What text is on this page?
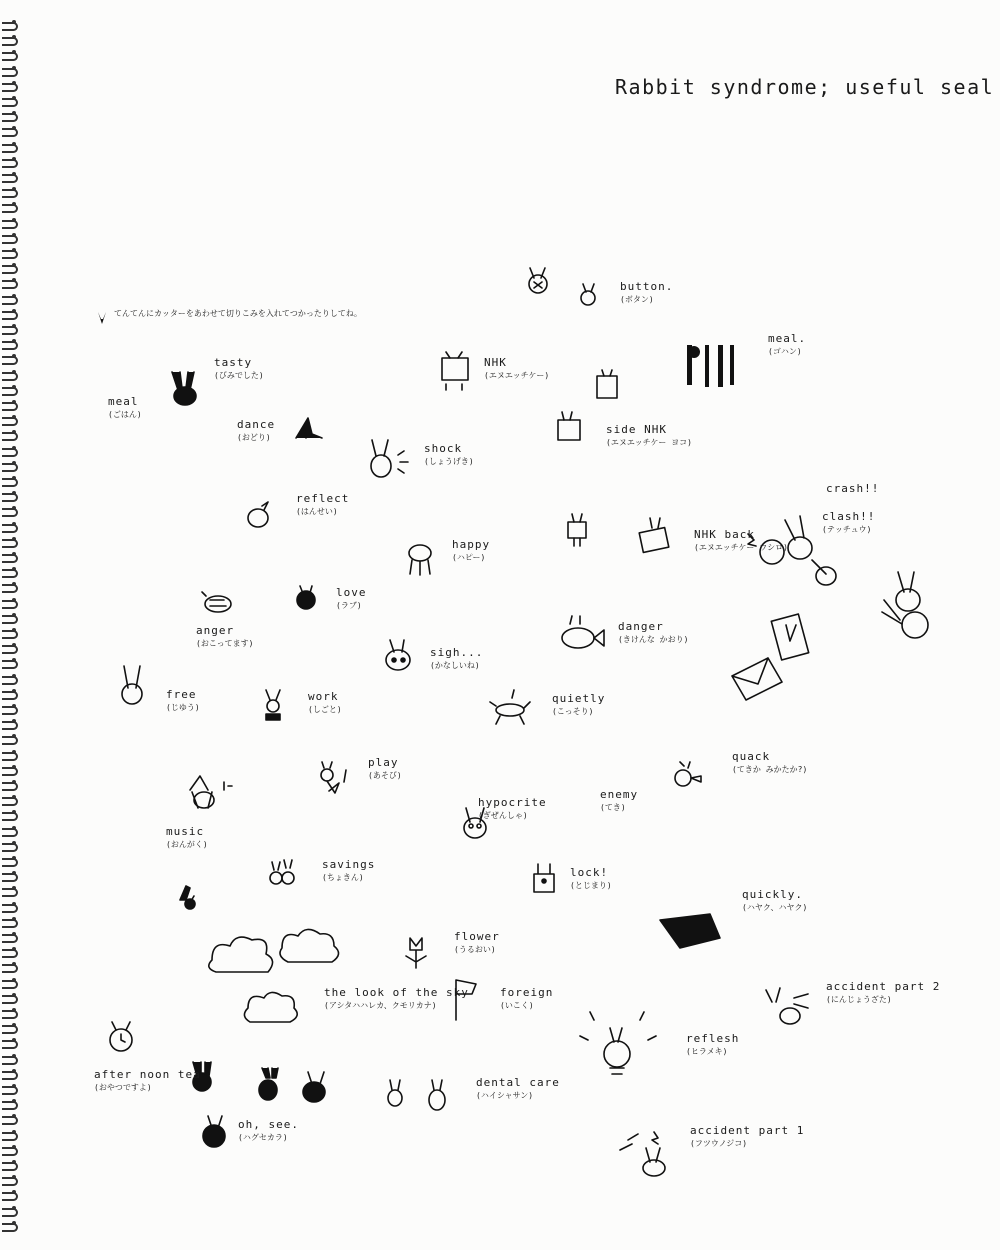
Rabbit syndrome; useful seal
てんてんにカッターをあわせて切りこみを入れてつかったりしてね。
button.
(ボタン)
meal.
(ゴハン)
meal
(ごはん)
tasty
(びみでした)
NHK
(エヌエッチケー)
dance
(おどり)
side NHK
(エヌエッチケー ヨコ)
shock
(しょうげき)
reflect
(はんせい)
crash!!
clash!!
(テッチュウ)
happy
(ハピー)
NHK back
(エヌエッチケー ウシロ)
love
(ラブ)
danger
(きけんな かおり)
anger
(おこってます)
sigh...
(かなしいね)
free
(じゆう)
work
(しごと)
quietly
(こっそり)
play
(あそび)
quack
(てきか みかたか?)
enemy
(てき)
hypocrite
(ぎぜんしゃ)
music
(おんがく)
savings
(ちょきん)	lock!
(とじまり)
quickly.
(ハヤク、ハヤク)
flower
(うるおい)
the look of the sky
(アシタハハレカ、クモリカナ)
foreign
(いこく)
accident part 2
(にんじょうざた)
reflesh
(ヒラメキ)
after noon tea
(おやつですよ)	dental care
(ハイシャサン)
oh, see.
(ハグセカラ)
accident part 1
(フツウノジコ)
